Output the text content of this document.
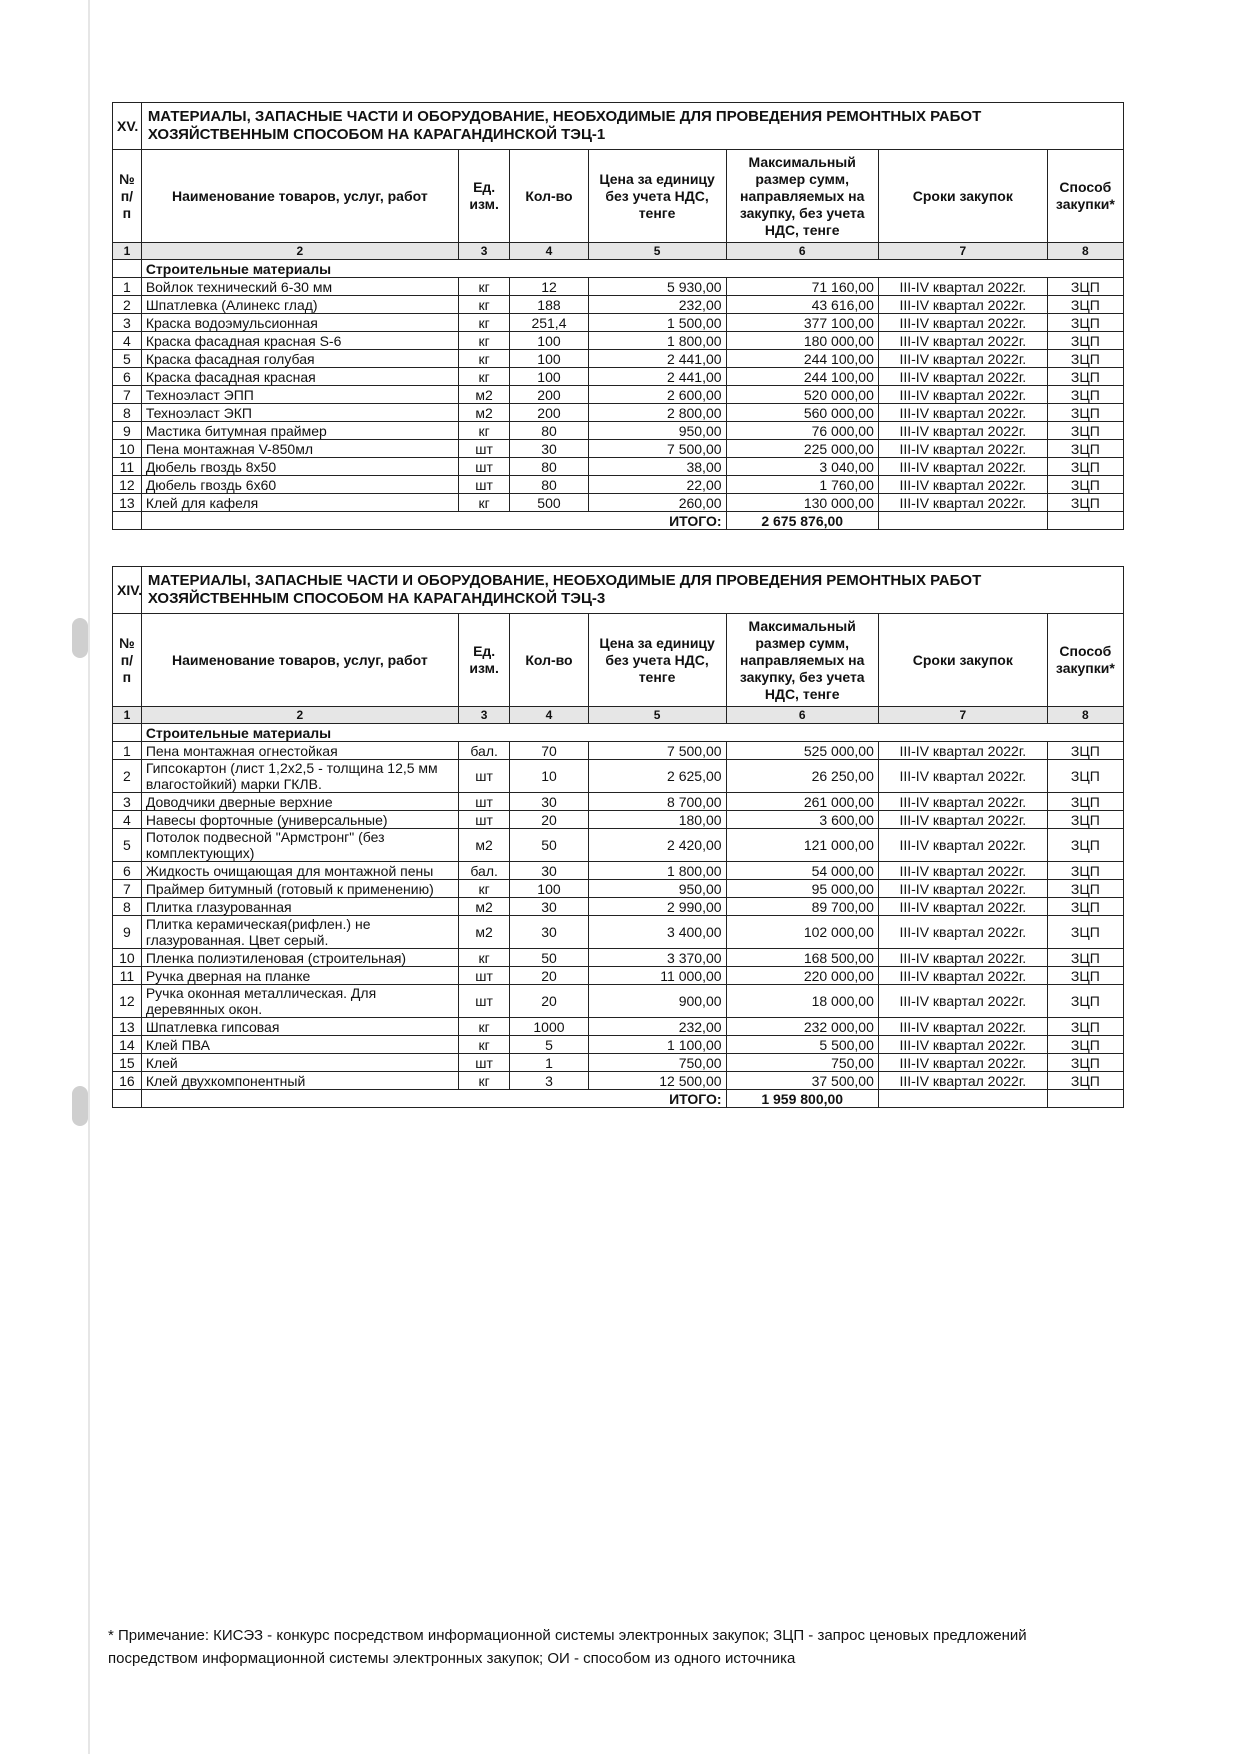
XV.	МАТЕРИАЛЫ, ЗАПАСНЫЕ ЧАСТИ И ОБОРУДОВАНИЕ, НЕОБХОДИМЫЕ ДЛЯ ПРОВЕДЕНИЯ РЕМОНТНЫХ РАБОТ ХОЗЯЙСТВЕННЫМ СПОСОБОМ НА КАРАГАНДИНСКОЙ ТЭЦ-1						
№ п/п	Наименование товаров, услуг, работ	Ед. изм.	Кол-во	Цена за единицу без учета НДС, тенге	Максимальный размер сумм, направляемых на закупку, без учета НДС, тенге	Сроки закупок	Способ закупки*
1	2	3	4	5	6	7	8
	Строительные материалы						
1	Войлок технический 6-30 мм	кг	12	5 930,00	71 160,00	III-IV квартал 2022г.	ЗЦП
2	Шпатлевка (Алинекс глад)	кг	188	232,00	43 616,00	III-IV квартал 2022г.	ЗЦП
3	Краска водоэмульсионная	кг	251,4	1 500,00	377 100,00	III-IV квартал 2022г.	ЗЦП
4	Краска фасадная красная S-6	кг	100	1 800,00	180 000,00	III-IV квартал 2022г.	ЗЦП
5	Краска фасадная голубая	кг	100	2 441,00	244 100,00	III-IV квартал 2022г.	ЗЦП
6	Краска фасадная красная	кг	100	2 441,00	244 100,00	III-IV квартал 2022г.	ЗЦП
7	Техноэласт ЭПП	м2	200	2 600,00	520 000,00	III-IV квартал 2022г.	ЗЦП
8	Техноэласт ЭКП	м2	200	2 800,00	560 000,00	III-IV квартал 2022г.	ЗЦП
9	Мастика битумная праймер	кг	80	950,00	76 000,00	III-IV квартал 2022г.	ЗЦП
10	Пена монтажная V-850мл	шт	30	7 500,00	225 000,00	III-IV квартал 2022г.	ЗЦП
11	Дюбель гвоздь 8х50	шт	80	38,00	3 040,00	III-IV квартал 2022г.	ЗЦП
12	Дюбель гвоздь 6х60	шт	80	22,00	1 760,00	III-IV квартал 2022г.	ЗЦП
13	Клей для кафеля	кг	500	260,00	130 000,00	III-IV квартал 2022г.	ЗЦП
	ИТОГО:				2 675 876,00		
XIV.	МАТЕРИАЛЫ, ЗАПАСНЫЕ ЧАСТИ И ОБОРУДОВАНИЕ, НЕОБХОДИМЫЕ ДЛЯ ПРОВЕДЕНИЯ РЕМОНТНЫХ РАБОТ ХОЗЯЙСТВЕННЫМ СПОСОБОМ НА КАРАГАНДИНСКОЙ ТЭЦ-3						
№ п/п	Наименование товаров, услуг, работ	Ед. изм.	Кол-во	Цена за единицу без учета НДС, тенге	Максимальный размер сумм, направляемых на закупку, без учета НДС, тенге	Сроки закупок	Способ закупки*
1	2	3	4	5	6	7	8
	Строительные материалы						
1	Пена монтажная огнестойкая	бал.	70	7 500,00	525 000,00	III-IV квартал 2022г.	ЗЦП
2	Гипсокартон (лист 1,2х2,5 - толщина 12,5 мм влагостойкий) марки ГКЛВ.	шт	10	2 625,00	26 250,00	III-IV квартал 2022г.	ЗЦП
3	Доводчики дверные верхние	шт	30	8 700,00	261 000,00	III-IV квартал 2022г.	ЗЦП
4	Навесы форточные (универсальные)	шт	20	180,00	3 600,00	III-IV квартал 2022г.	ЗЦП
5	Потолок подвесной "Армстронг" (без комплектующих)	м2	50	2 420,00	121 000,00	III-IV квартал 2022г.	ЗЦП
6	Жидкость очищающая для монтажной пены	бал.	30	1 800,00	54 000,00	III-IV квартал 2022г.	ЗЦП
7	Праймер битумный (готовый к применению)	кг	100	950,00	95 000,00	III-IV квартал 2022г.	ЗЦП
8	Плитка глазурованная	м2	30	2 990,00	89 700,00	III-IV квартал 2022г.	ЗЦП
9	Плитка керамическая(рифлен.) не глазурованная. Цвет серый.	м2	30	3 400,00	102 000,00	III-IV квартал 2022г.	ЗЦП
10	Пленка полиэтиленовая (строительная)	кг	50	3 370,00	168 500,00	III-IV квартал 2022г.	ЗЦП
11	Ручка дверная на планке	шт	20	11 000,00	220 000,00	III-IV квартал 2022г.	ЗЦП
12	Ручка оконная металлическая. Для деревянных окон.	шт	20	900,00	18 000,00	III-IV квартал 2022г.	ЗЦП
13	Шпатлевка гипсовая	кг	1000	232,00	232 000,00	III-IV квартал 2022г.	ЗЦП
14	Клей ПВА	кг	5	1 100,00	5 500,00	III-IV квартал 2022г.	ЗЦП
15	Клей	шт	1	750,00	750,00	III-IV квартал 2022г.	ЗЦП
16	Клей двухкомпонентный	кг	3	12 500,00	37 500,00	III-IV квартал 2022г.	ЗЦП
	ИТОГО:				1 959 800,00		
* Примечание: КИСЭЗ - конкурс посредством информационной системы электронных закупок; ЗЦП - запрос ценовых предложений посредством информационной системы электронных закупок; ОИ - способом из одного источника
